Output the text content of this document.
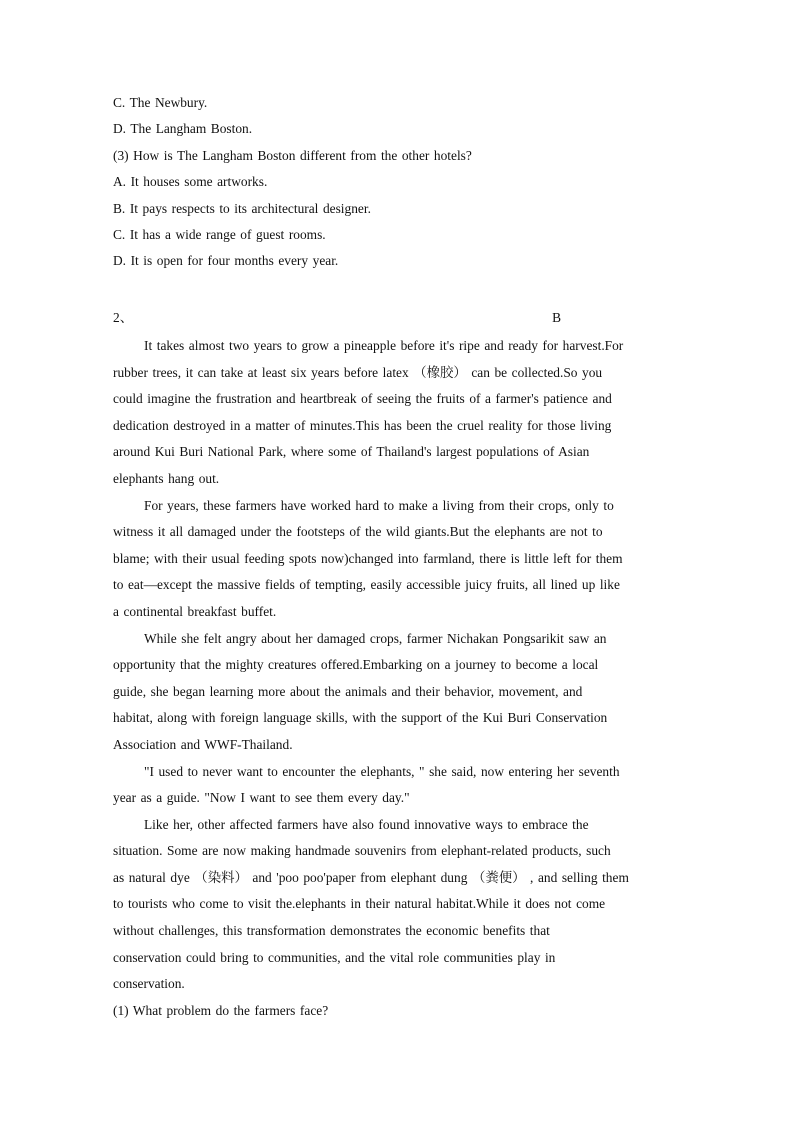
C. The Newbury.

D. The Langham Boston.

(3) How is The Langham Boston different from the other hotels?

A. It houses some artworks.

B. It pays respects to its architectural designer.

C. It has a wide range of guest rooms.

D. It is open for four months every year.

2、	B

It takes almost two years to grow a pineapple before it's ripe and ready for harvest.For

rubber trees, it can take at least six years before latex （橡胶） can be collected.So you

could imagine the frustration and heartbreak of seeing the fruits of a farmer's patience and

dedication destroyed in a matter of minutes.This has been the cruel reality for those living

around Kui Buri National Park, where some of Thailand's largest populations of Asian

elephants hang out.

For years, these farmers have worked hard to make a living from their crops, only to

witness it all damaged under the footsteps of the wild giants.But the elephants are not to

blame; with their usual feeding spots now)changed into farmland, there is little left for them

to eat—except the massive fields of tempting, easily accessible juicy fruits, all lined up like

a continental breakfast buffet.

While she felt angry about her damaged crops, farmer Nichakan Pongsarikit saw an

opportunity that the mighty creatures offered.Embarking on a journey to become a local

guide, she began learning more about the animals and their behavior, movement, and

habitat, along with foreign language skills, with the support of the Kui Buri Conservation

Association and WWF-Thailand.

"I used to never want to encounter the elephants, " she said, now entering her seventh

year as a guide. "Now I want to see them every day."

Like her, other affected farmers have also found innovative ways to embrace the

situation. Some are now making handmade souvenirs from elephant-related products, such

as natural dye （染料） and 'poo poo'paper from elephant dung （粪便） , and selling them

to tourists who come to visit the.elephants in their natural habitat.While it does not come

without challenges, this transformation demonstrates the economic benefits that

conservation could bring to communities, and the vital role communities play in

conservation.

(1) What problem do the farmers face?
